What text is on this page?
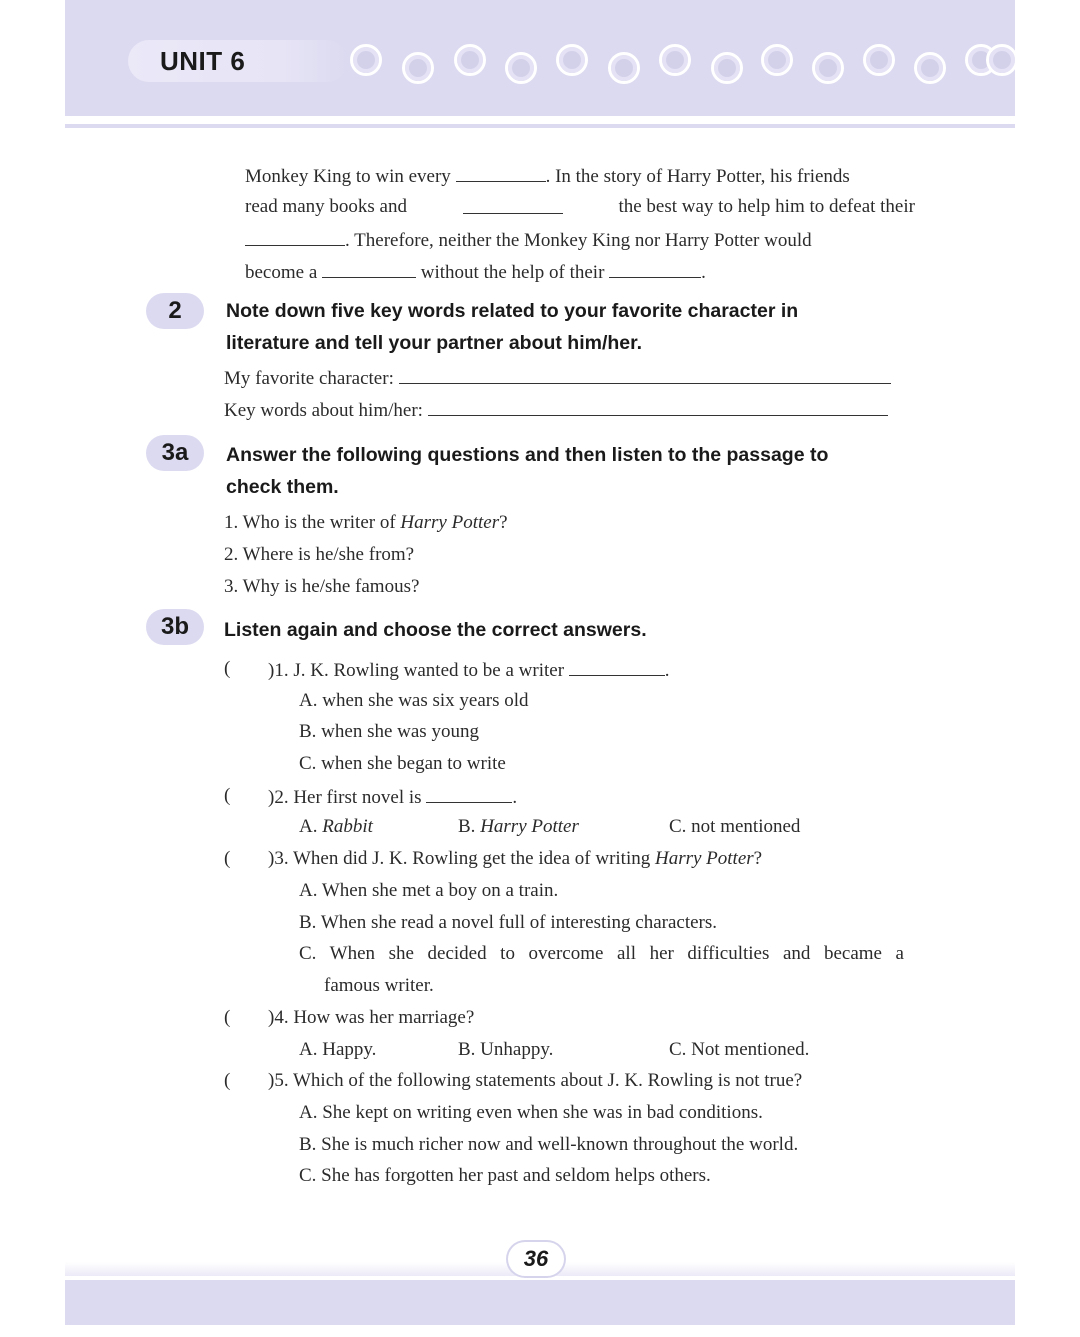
UNIT 6
Monkey King to win every	. In the story of Harry Potter, his friends
read many books and	the best way to help him to defeat their
. Therefore, neither the Monkey King nor Harry Potter would
become a	without the help of their	.
2	Note down five key words related to your favorite character in
literature and tell your partner about him/her.
My favorite character:
Key words about him/her:
3a	Answer the following questions and then listen to the passage to
check them.
1. Who is the writer of Harry Potter?
2. Where is he/she from?
3. Why is he/she famous?
3b	Listen again and choose the correct answers.
( )1. J. K. Rowling wanted to be a writer	.
A. when she was six years old
B. when she was young
C. when she began to write
( )2. Her first novel is	.
A. Rabbit	B. Harry Potter	C. not mentioned
( )3. When did J. K. Rowling get the idea of writing Harry Potter?
A. When she met a boy on a train.
B. When she read a novel full of interesting characters.
C. When she decided to overcome all her difficulties and became a
famous writer.
( )4. How was her marriage?
A. Happy.	B. Unhappy.	C. Not mentioned.
( )5. Which of the following statements about J. K. Rowling is not true?
A. She kept on writing even when she was in bad conditions.
B. She is much richer now and well-known throughout the world.
C. She has forgotten her past and seldom helps others.
36
